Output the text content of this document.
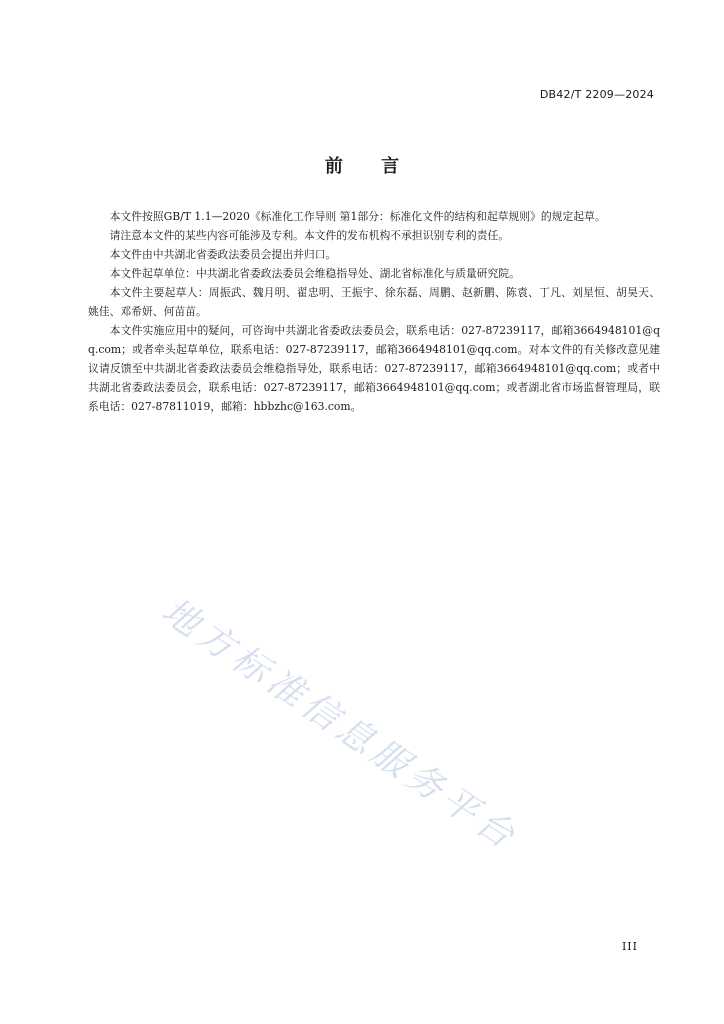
DB42/T 2209—2024
前 言

本文件按照GB/T 1.1—2020《标准化工作导则 第1部分：标准化文件的结构和起草规则》的规定起草。

请注意本文件的某些内容可能涉及专利。本文件的发布机构不承担识别专利的责任。

本文件由中共湖北省委政法委员会提出并归口。

本文件起草单位：中共湖北省委政法委员会维稳指导处、湖北省标准化与质量研究院。

本文件主要起草人：周振武、魏月明、翟忠明、王振宇、徐东磊、周鹏、赵新鹏、陈袁、丁凡、刘星恒、胡昊天、姚佳、邓希妍、何苗苗。

本文件实施应用中的疑问，可咨询中共湖北省委政法委员会，联系电话：027-87239117，邮箱3664948101@qq.com；或者牵头起草单位，联系电话：027-87239117，邮箱3664948101@qq.com。对本文件的有关修改意见建议请反馈至中共湖北省委政法委员会维稳指导处，联系电话：027-87239117，邮箱3664948101@qq.com；或者中共湖北省委政法委员会，联系电话：027-87239117，邮箱3664948101@qq.com；或者湖北省市场监督管理局，联系电话：027-87811019，邮箱：hbbzhc@163.com。

地方标准信息服务平台
III
